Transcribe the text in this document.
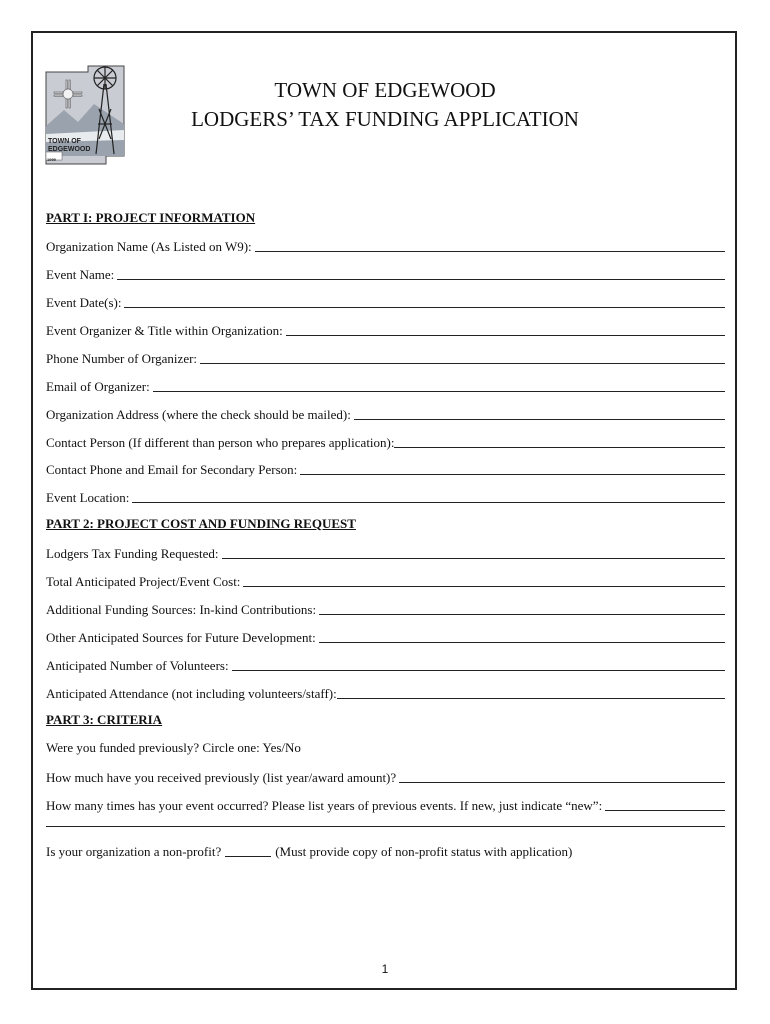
TOWN OF
EDGEWOOD
1999
TOWN OF EDGEWOOD
LODGERS’ TAX FUNDING APPLICATION
PART I: PROJECT INFORMATION
Organization Name (As Listed on W9):
Event Name:
Event Date(s):
Event Organizer & Title within Organization:
Phone Number of Organizer:
Email of Organizer:
Organization Address (where the check should be mailed):
Contact Person (If different than person who prepares application):
Contact Phone and Email for Secondary Person:
Event Location:
PART 2: PROJECT COST AND FUNDING REQUEST
Lodgers Tax Funding Requested:
Total Anticipated Project/Event Cost:
Additional Funding Sources: In-kind Contributions:
Other Anticipated Sources for Future Development:
Anticipated Number of Volunteers:
Anticipated Attendance (not including volunteers/staff):
PART 3: CRITERIA
Were you funded previously? Circle one: Yes/No
How much have you received previously (list year/award amount)?
How many times has your event occurred? Please list years of previous events. If new, just indicate “new”:
Is your organization a non-profit?	(Must provide copy of non-profit status with application)
1
